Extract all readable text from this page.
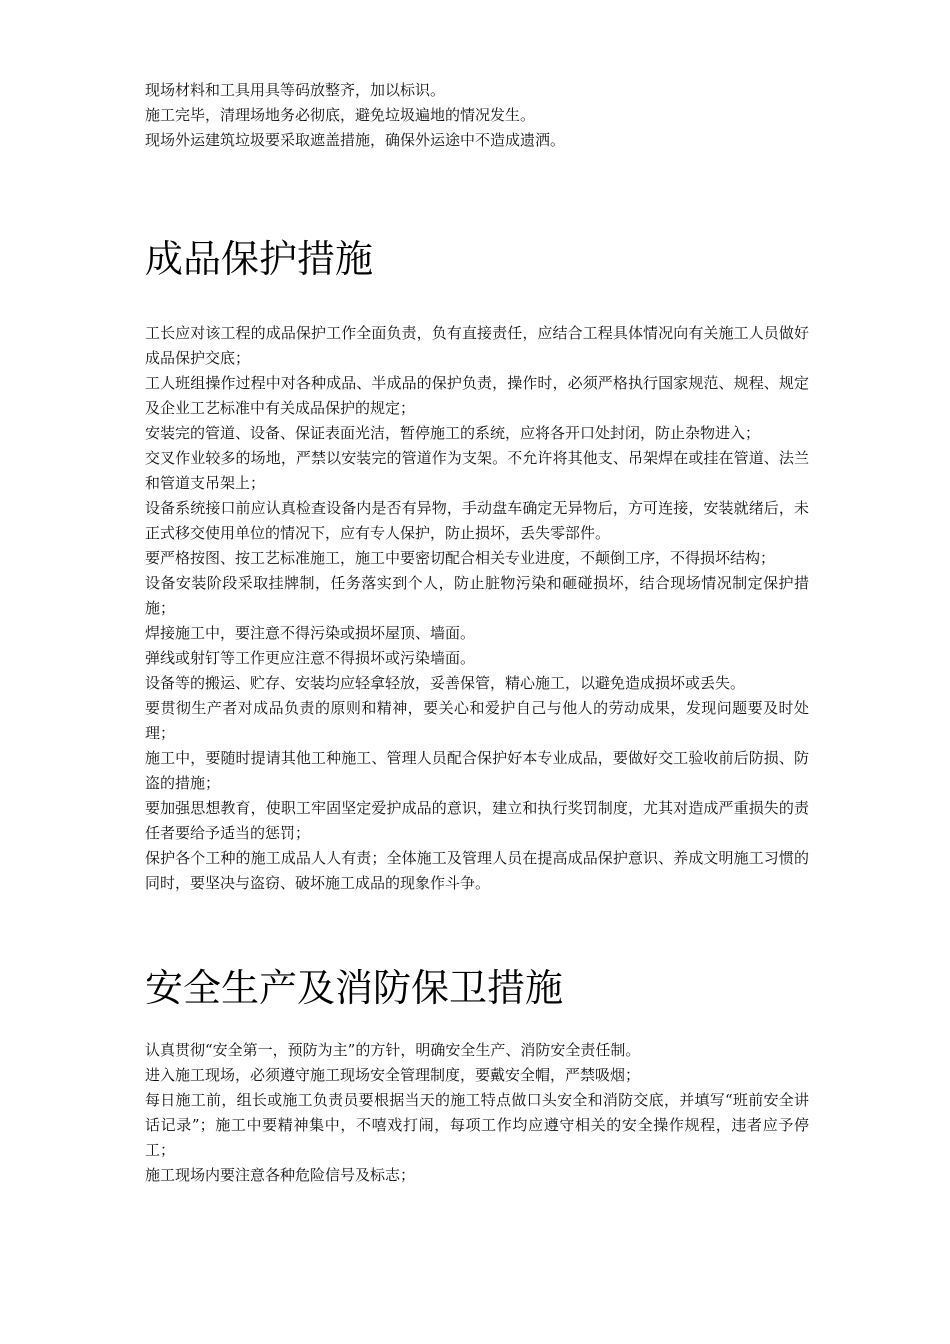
现场材料和工具用具等码放整齐，加以标识。

施工完毕，清理场地务必彻底，避免垃圾遍地的情况发生。

现场外运建筑垃圾要采取遮盖措施，确保外运途中不造成遗洒。

成品保护措施

工长应对该工程的成品保护工作全面负责，负有直接责任，应结合工程具体情况向有关施工人员做好成品保护交底；

工人班组操作过程中对各种成品、半成品的保护负责，操作时，必须严格执行国家规范、规程、规定及企业工艺标准中有关成品保护的规定；

安装完的管道、设备、保证表面光洁，暂停施工的系统，应将各开口处封闭，防止杂物进入；

交叉作业较多的场地，严禁以安装完的管道作为支架。不允许将其他支、吊架焊在或挂在管道、法兰和管道支吊架上；

设备系统接口前应认真检查设备内是否有异物，手动盘车确定无异物后，方可连接，安装就绪后，未正式移交使用单位的情况下，应有专人保护，防止损坏，丢失零部件。

要严格按图、按工艺标准施工，施工中要密切配合相关专业进度，不颠倒工序，不得损坏结构；

设备安装阶段采取挂牌制，任务落实到个人，防止脏物污染和砸碰损坏，结合现场情况制定保护措施；

焊接施工中，要注意不得污染或损坏屋顶、墙面。

弹线或射钉等工作更应注意不得损坏或污染墙面。

设备等的搬运、贮存、安装均应轻拿轻放，妥善保管，精心施工，以避免造成损坏或丢失。

要贯彻生产者对成品负责的原则和精神，要关心和爱护自己与他人的劳动成果，发现问题要及时处理；

施工中，要随时提请其他工种施工、管理人员配合保护好本专业成品，要做好交工验收前后防损、防盗的措施；

要加强思想教育，使职工牢固坚定爱护成品的意识，建立和执行奖罚制度，尤其对造成严重损失的责任者要给予适当的惩罚；

保护各个工种的施工成品人人有责；全体施工及管理人员在提高成品保护意识、养成文明施工习惯的同时，要坚决与盗窃、破坏施工成品的现象作斗争。

安全生产及消防保卫措施

认真贯彻“安全第一，预防为主”的方针，明确安全生产、消防安全责任制。

进入施工现场，必须遵守施工现场安全管理制度，要戴安全帽，严禁吸烟；

每日施工前，组长或施工负责员要根据当天的施工特点做口头安全和消防交底，并填写“班前安全讲话记录”；施工中要精神集中，不嘻戏打闹，每项工作均应遵守相关的安全操作规程，违者应予停工；

施工现场内要注意各种危险信号及标志；
